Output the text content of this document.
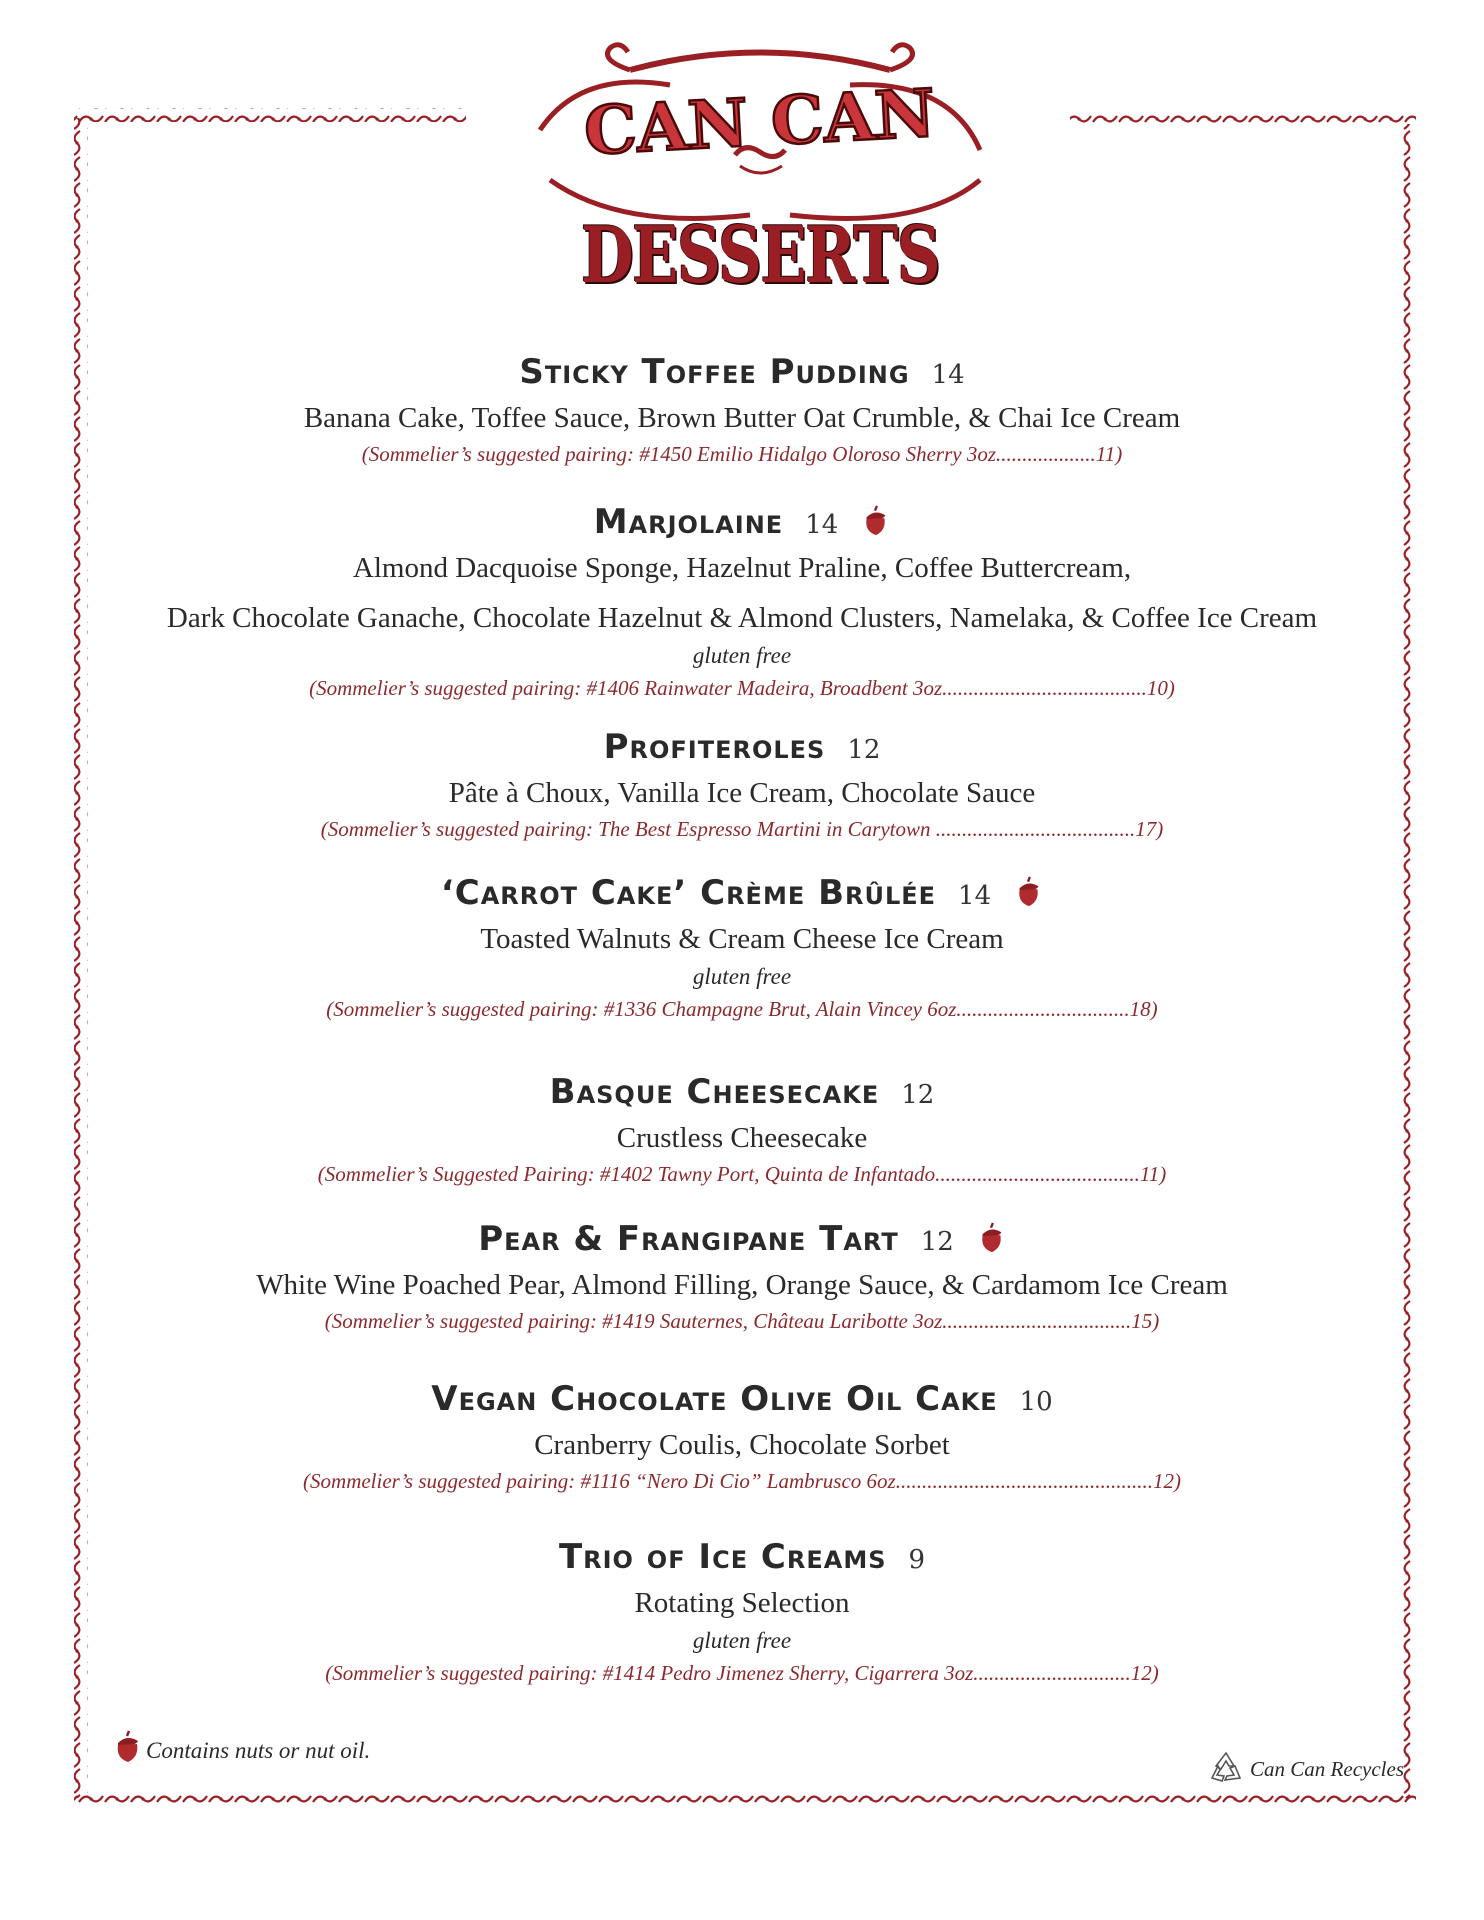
CAN CAN
DESSERTS
Sticky Toffee Pudding 14
Banana Cake, Toffee Sauce, Brown Butter Oat Crumble, & Chai Ice Cream
(Sommelier’s suggested pairing: #1450 Emilio Hidalgo Oloroso Sherry 3oz...................11)
Marjolaine 14
Almond Dacquoise Sponge, Hazelnut Praline, Coffee Buttercream,
Dark Chocolate Ganache, Chocolate Hazelnut & Almond Clusters, Namelaka, & Coffee Ice Cream
gluten free
(Sommelier’s suggested pairing: #1406 Rainwater Madeira, Broadbent 3oz.......................................10)
Profiteroles 12
Pâte à Choux, Vanilla Ice Cream, Chocolate Sauce
(Sommelier’s suggested pairing: The Best Espresso Martini in Carytown ......................................17)
‘Carrot Cake’ Crème Brûlée 14
Toasted Walnuts & Cream Cheese Ice Cream
gluten free
(Sommelier’s suggested pairing: #1336 Champagne Brut, Alain Vincey 6oz.................................18)
Basque Cheesecake 12
Crustless Cheesecake
(Sommelier’s Suggested Pairing: #1402 Tawny Port, Quinta de Infantado.......................................11)
Pear & Frangipane Tart 12
White Wine Poached Pear, Almond Filling, Orange Sauce, & Cardamom Ice Cream
(Sommelier’s suggested pairing: #1419 Sauternes, Château Laribotte 3oz....................................15)
Vegan Chocolate Olive Oil Cake 10
Cranberry Coulis, Chocolate Sorbet
(Sommelier’s suggested pairing: #1116 “Nero Di Cio” Lambrusco 6oz.................................................12)
Trio of Ice Creams 9
Rotating Selection
gluten free
(Sommelier’s suggested pairing: #1414 Pedro Jimenez Sherry, Cigarrera 3oz..............................12)
Contains nuts or nut oil.
Can Can Recycles
